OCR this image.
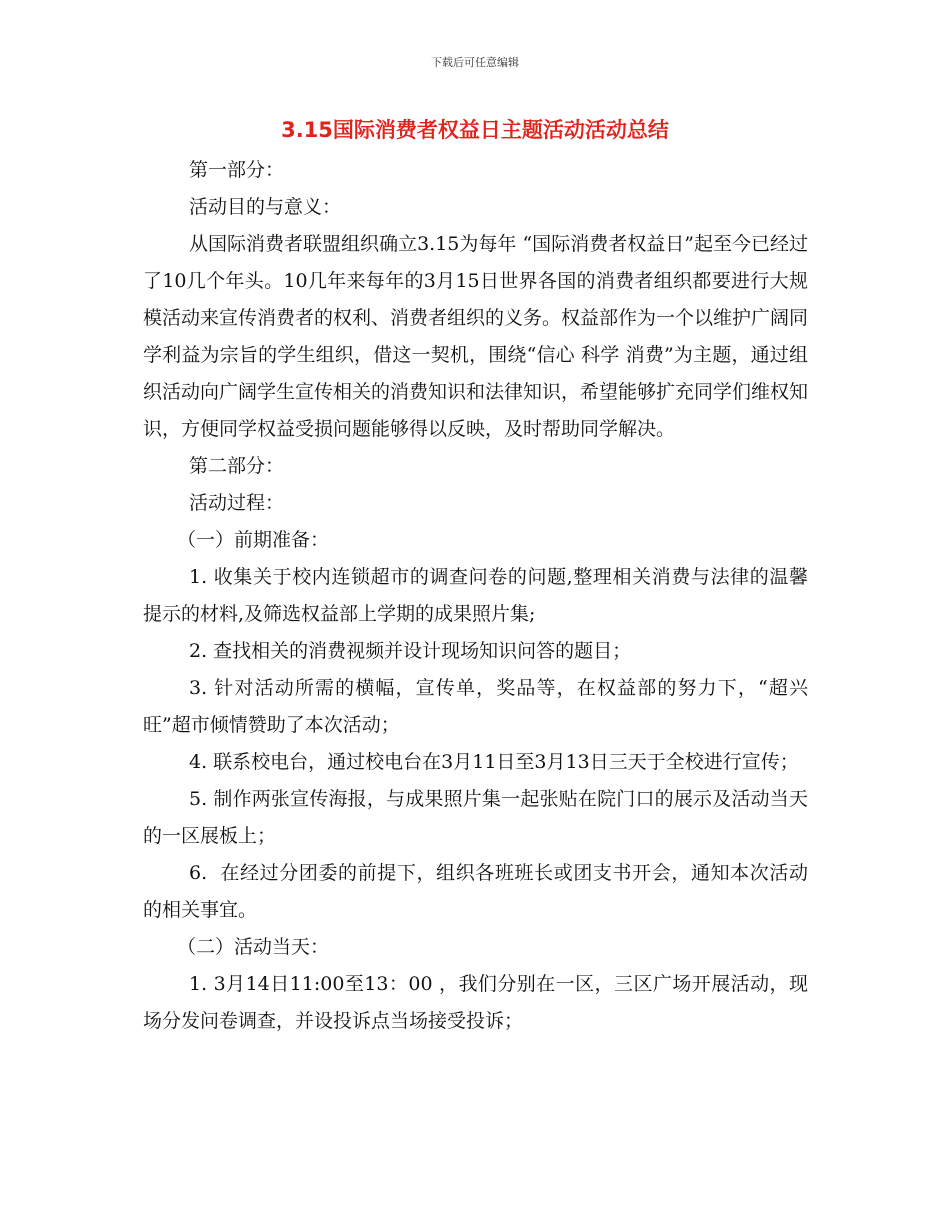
下载后可任意编辑
3.15国际消费者权益日主题活动活动总结

第一部分：

活动目的与意义：

从国际消费者联盟组织确立3.15为每年 “国际消费者权益日”起至今已经过了10几个年头。10几年来每年的3月15日世界各国的消费者组织都要进行大规模活动来宣传消费者的权利、消费者组织的义务。权益部作为一个以维护广阔同学利益为宗旨的学生组织，借这一契机，围绕“信心 科学 消费”为主题，通过组织活动向广阔学生宣传相关的消费知识和法律知识，希望能够扩充同学们维权知识，方便同学权益受损问题能够得以反映，及时帮助同学解决。

第二部分：

活动过程：

（一）前期准备：

1. 收集关于校内连锁超市的调查问卷的问题,整理相关消费与法律的温馨提示的材料,及筛选权益部上学期的成果照片集;

2. 查找相关的消费视频并设计现场知识问答的题目；

3. 针对活动所需的横幅，宣传单，奖品等，在权益部的努力下，“超兴旺”超市倾情赞助了本次活动；

4. 联系校电台，通过校电台在3月11日至3月13日三天于全校进行宣传；

5. 制作两张宣传海报，与成果照片集一起张贴在院门口的展示及活动当天的一区展板上；

6.  在经过分团委的前提下，组织各班班长或团支书开会，通知本次活动的相关事宜。

（二）活动当天：

1. 3月14日11:00至13：00 ，我们分别在一区，三区广场开展活动，现场分发问卷调查，并设投诉点当场接受投诉；
